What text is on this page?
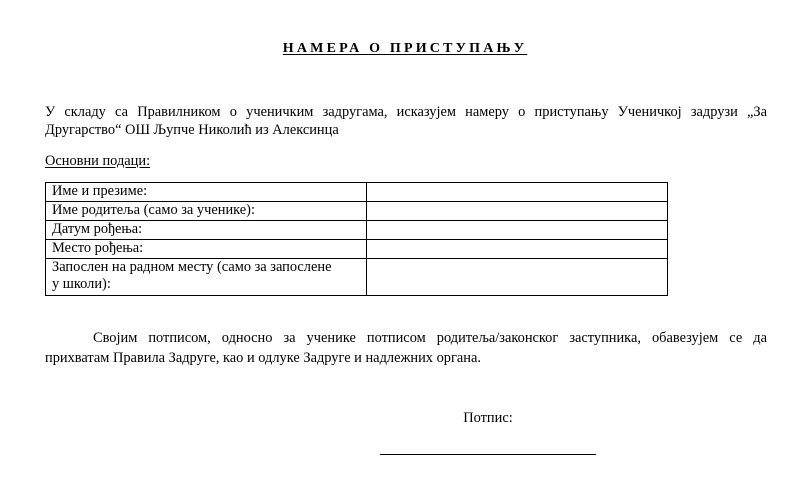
НАМЕРА О ПРИСТУПАЊУ
У складу са Правилником о ученичким задругама, исказујем намеру о приступању Ученичкој задрузи „За
Другарство“ ОШ Љупче Николић из Алексинца
Основни подаци:
Име и презиме:	
Име родитеља (само за ученике):	
Датум рођења:	
Место рођења:	
Запослен на радном месту (само за запослене
у школи):	
Својим потписом, односно за ученике потписом родитеља/законског заступника, обавезујем се да
прихватам Правила Задруге, као и одлуке Задруге и надлежних органа.
Потпис:
